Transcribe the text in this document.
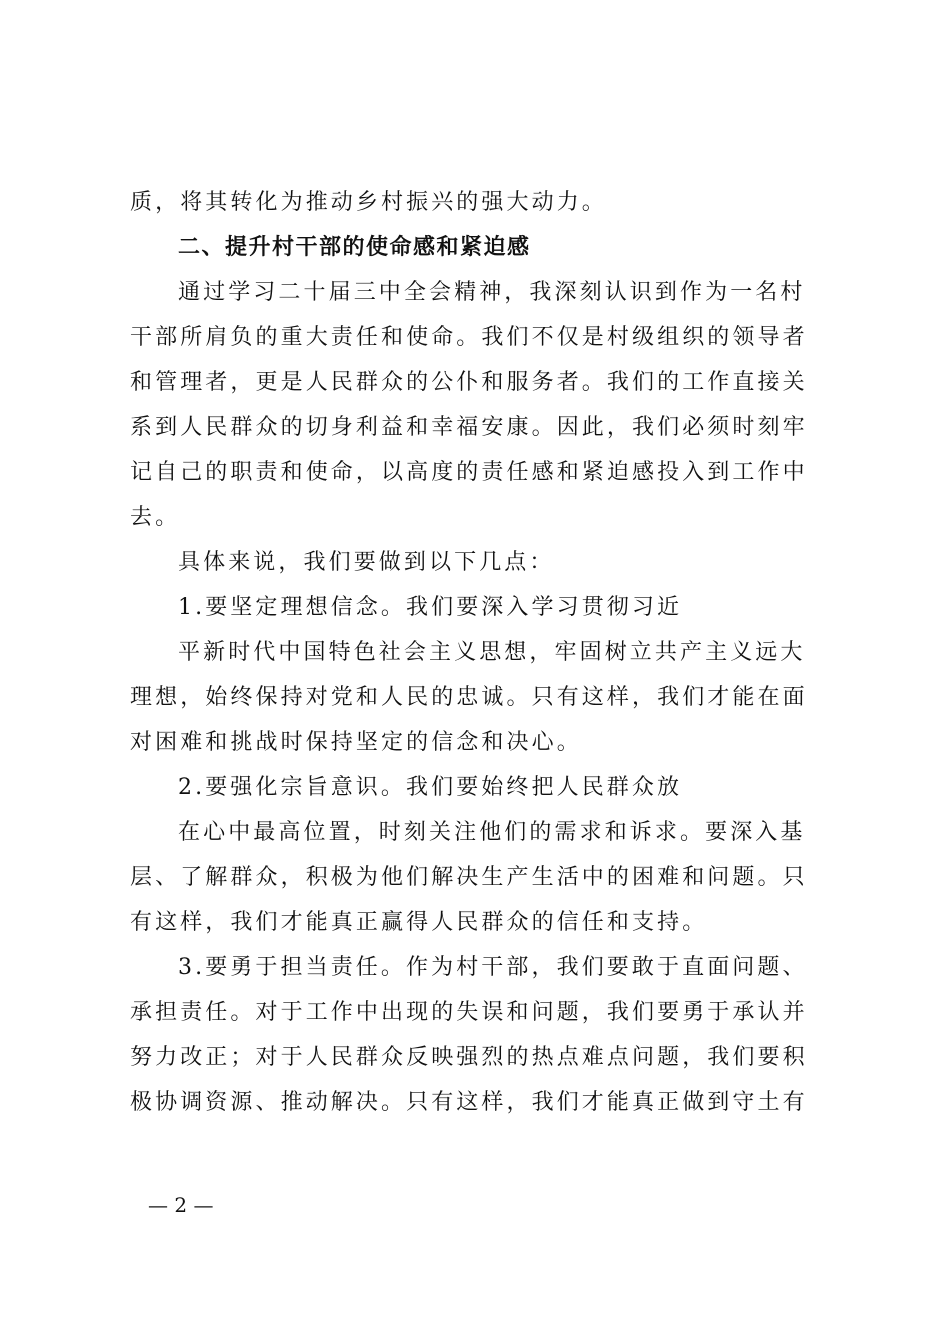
质，将其转化为推动乡村振兴的强大动力。
二、提升村干部的使命感和紧迫感
通过学习二十届三中全会精神，我深刻认识到作为一名村
干部所肩负的重大责任和使命。我们不仅是村级组织的领导者
和管理者，更是人民群众的公仆和服务者。我们的工作直接关
系到人民群众的切身利益和幸福安康。因此，我们必须时刻牢
记自己的职责和使命，以高度的责任感和紧迫感投入到工作中
去。
具体来说，我们要做到以下几点：
1.要坚定理想信念。我们要深入学习贯彻习近
平新时代中国特色社会主义思想，牢固树立共产主义远大
理想，始终保持对党和人民的忠诚。只有这样，我们才能在面
对困难和挑战时保持坚定的信念和决心。
2.要强化宗旨意识。我们要始终把人民群众放
在心中最高位置，时刻关注他们的需求和诉求。要深入基
层、了解群众，积极为他们解决生产生活中的困难和问题。只
有这样，我们才能真正赢得人民群众的信任和支持。
3.要勇于担当责任。作为村干部，我们要敢于直面问题、
承担责任。对于工作中出现的失误和问题，我们要勇于承认并
努力改正；对于人民群众反映强烈的热点难点问题，我们要积
极协调资源、推动解决。只有这样，我们才能真正做到守土有
— 2 —
